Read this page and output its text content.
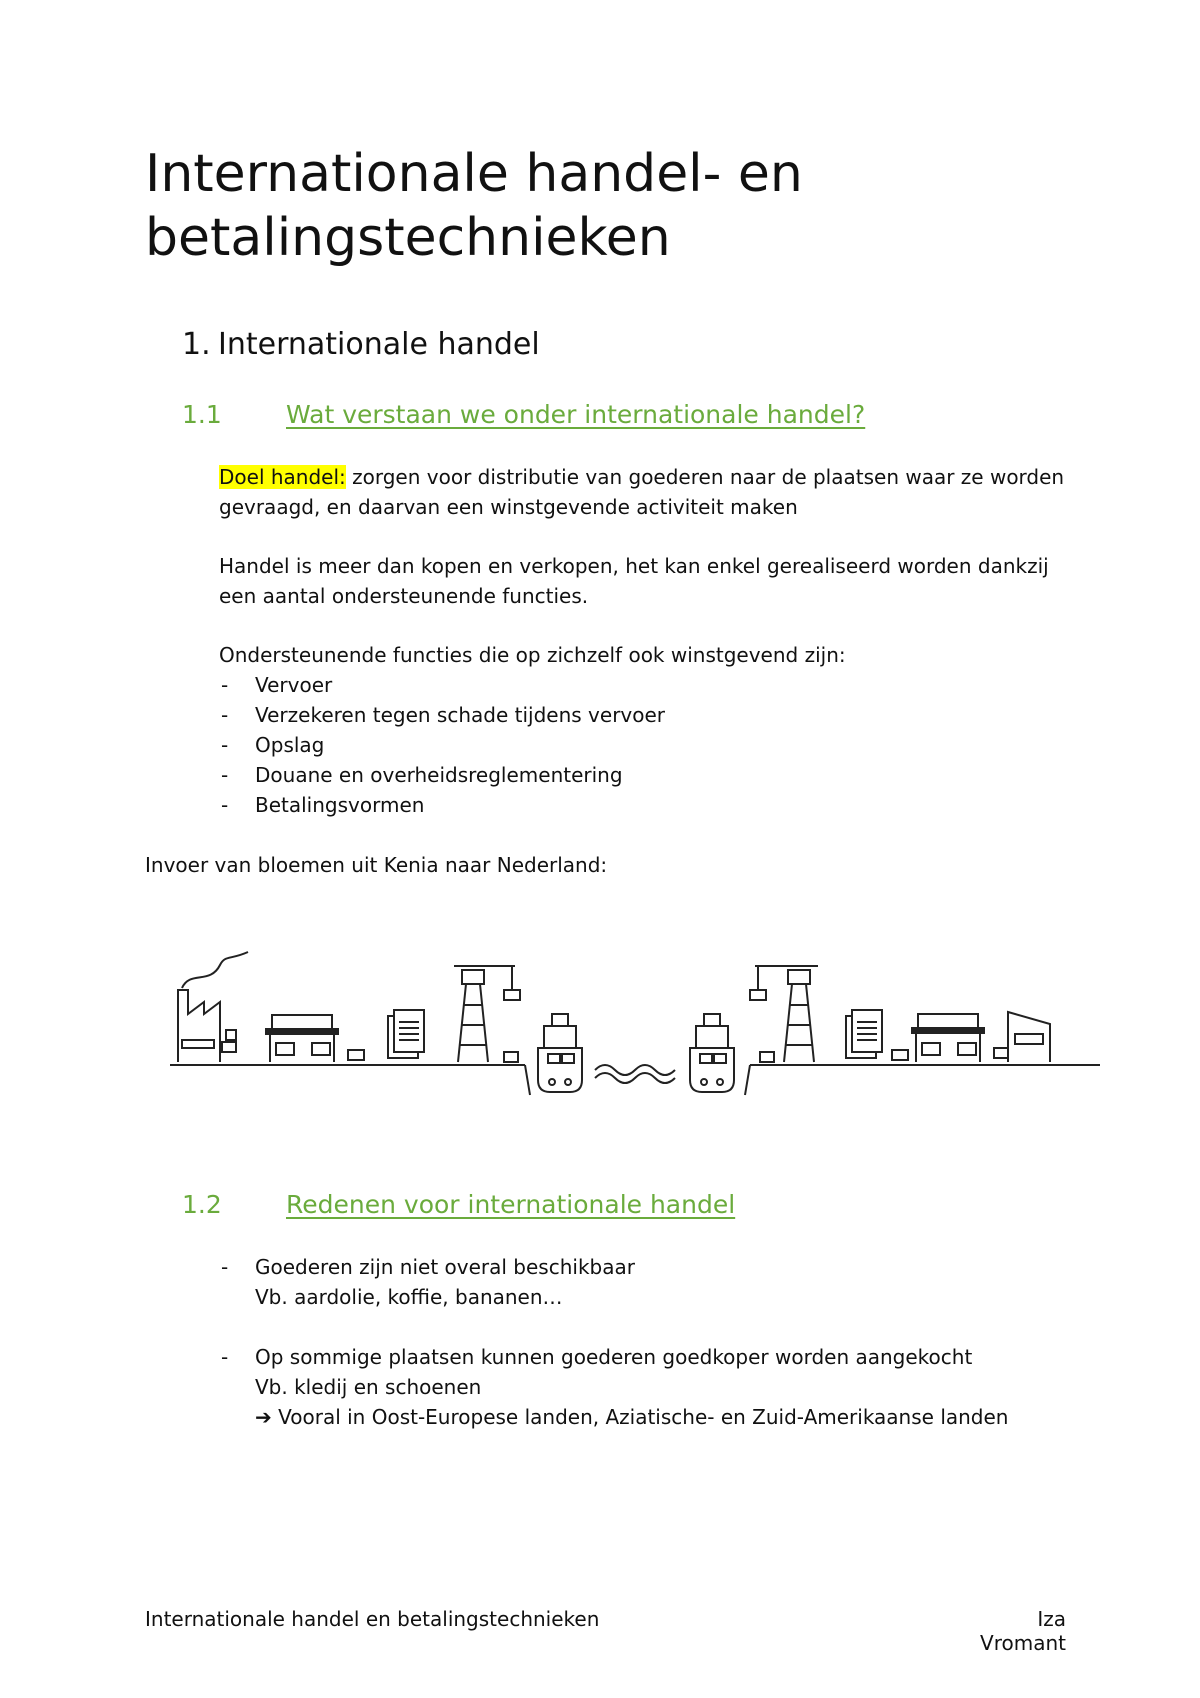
Internationale handel- en betalingstechnieken
1. Internationale handel
1.1	Wat verstaan we onder internationale handel?
Doel handel: zorgen voor distributie van goederen naar de plaatsen waar ze worden gevraagd, en daarvan een winstgevende activiteit maken
Handel is meer dan kopen en verkopen, het kan enkel gerealiseerd worden dankzij een aantal ondersteunende functies.
Ondersteunende functies die op zichzelf ook winstgevend zijn:
- Vervoer
- Verzekeren tegen schade tijdens vervoer
- Opslag
- Douane en overheidsreglementering
- Betalingsvormen
Invoer van bloemen uit Kenia naar Nederland:
1.2	Redenen voor internationale handel
- Goederen zijn niet overal beschikbaar
Vb. aardolie, koffie, bananen…
- Op sommige plaatsen kunnen goederen goedkoper worden aangekocht
Vb. kledij en schoenen
➔ Vooral in Oost-Europese landen, Aziatische- en Zuid-Amerikaanse landen
Internationale handel en betalingstechnieken	Iza Vromant
